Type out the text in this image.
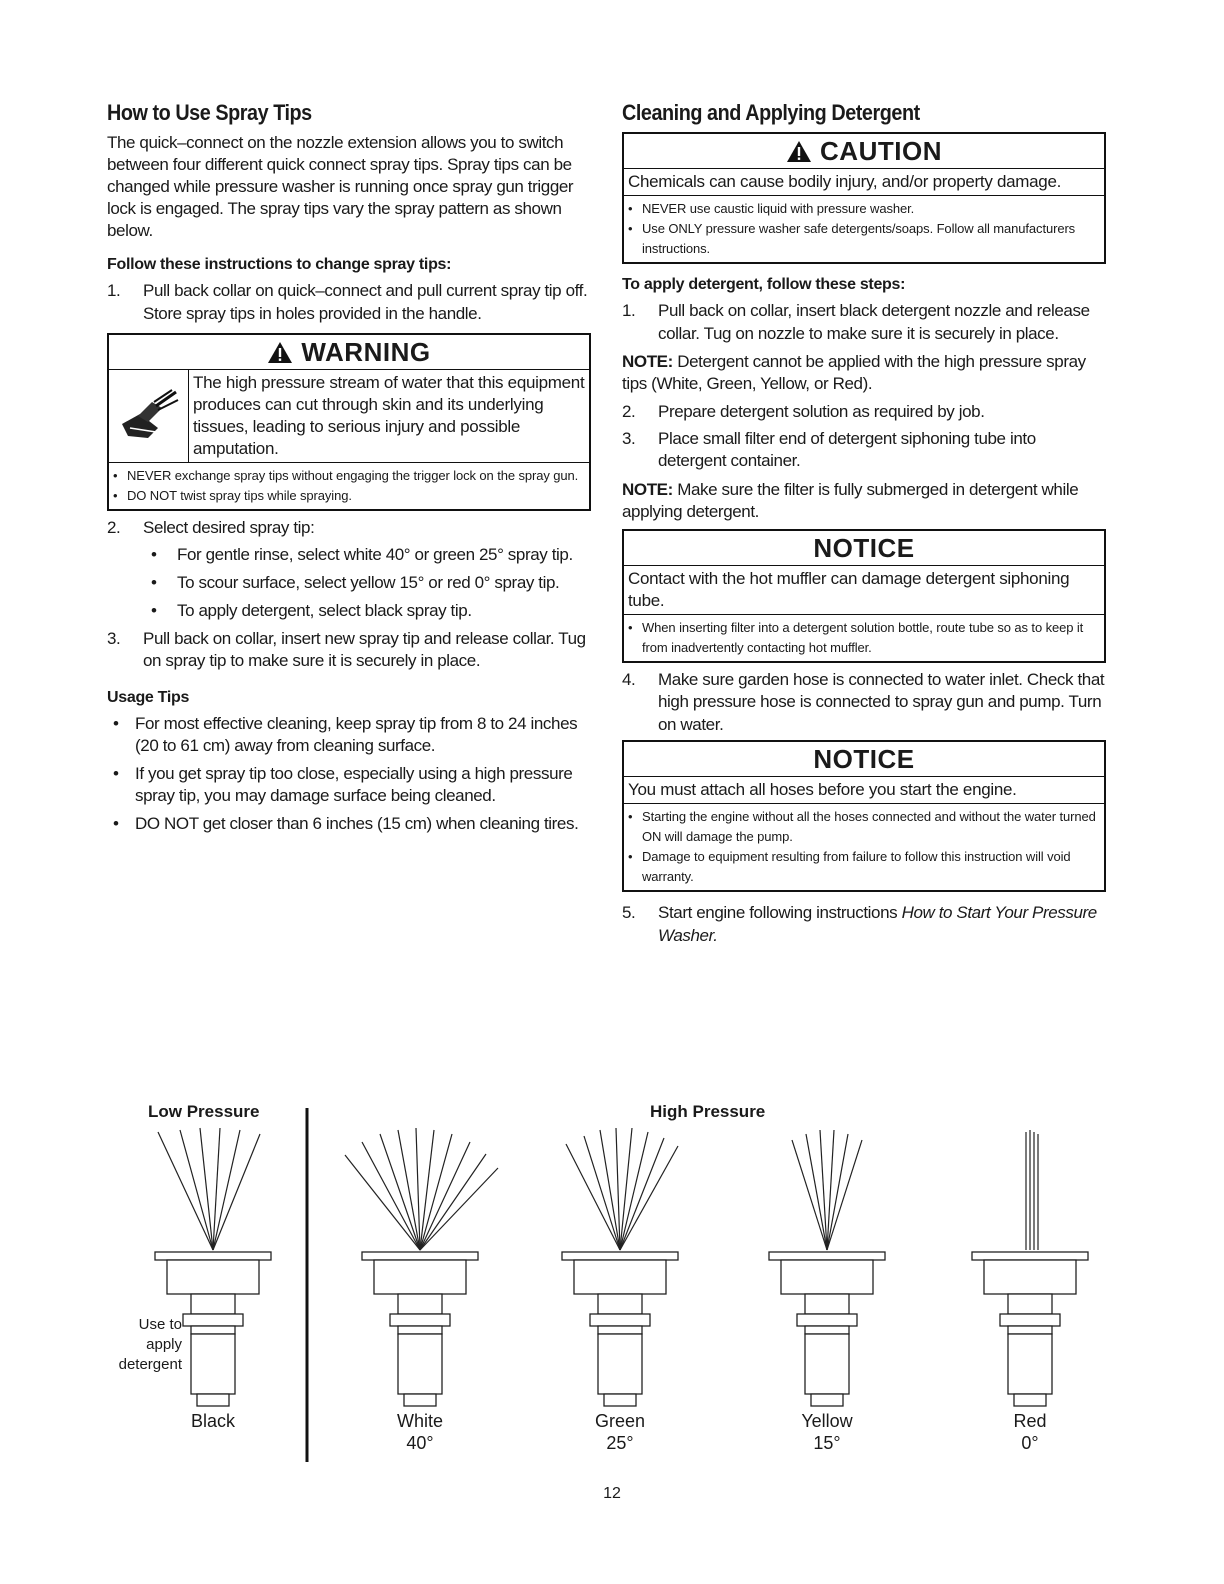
How to Use Spray Tips
The quick–connect on the nozzle extension allows you to switch between four different quick connect spray tips. Spray tips can be changed while pressure washer is running once spray gun trigger lock is engaged. The spray tips vary the spray pattern as shown below.
Follow these instructions to change spray tips:
1.	Pull back collar on quick–connect and pull current spray tip off. Store spray tips in holes provided in the handle.
WARNING
The high pressure stream of water that this equipment produces can cut through skin and its underlying tissues, leading to serious injury and possible amputation.
• NEVER exchange spray tips without engaging the trigger lock on the spray gun.
• DO NOT twist spray tips while spraying.
2.	Select desired spray tip:
•	For gentle rinse, select white 40° or green 25° spray tip.
•	To scour surface, select yellow 15° or red 0° spray tip.
•	To apply detergent, select black spray tip.
3.	Pull back on collar, insert new spray tip and release collar. Tug on spray tip to make sure it is securely in place.
Usage Tips
• For most effective cleaning, keep spray tip from 8 to 24 inches (20 to 61 cm) away from cleaning surface.
• If you get spray tip too close, especially using a high pressure spray tip, you may damage surface being cleaned.
• DO NOT get closer than 6 inches (15 cm) when cleaning tires.
Cleaning and Applying Detergent
CAUTION
Chemicals can cause bodily injury, and/or property damage.
• NEVER use caustic liquid with pressure washer.
• Use ONLY pressure washer safe detergents/soaps. Follow all manufacturers instructions.
To apply detergent, follow these steps:
1.	Pull back on collar, insert black detergent nozzle and release collar. Tug on nozzle to make sure it is securely in place.
NOTE: Detergent cannot be applied with the high pressure spray tips (White, Green, Yellow, or Red).
2.	Prepare detergent solution as required by job.
3.	Place small filter end of detergent siphoning tube into detergent container.
NOTE: Make sure the filter is fully submerged in detergent while applying detergent.
NOTICE
Contact with the hot muffler can damage detergent siphoning tube.
• When inserting filter into a detergent solution bottle, route tube so as to keep it from inadvertently contacting hot muffler.
4.	Make sure garden hose is connected to water inlet. Check that high pressure hose is connected to spray gun and pump. Turn on water.
NOTICE
You must attach all hoses before you start the engine.
• Starting the engine without all the hoses connected and without the water turned ON will damage the pump.
• Damage to equipment resulting from failure to follow this instruction will void warranty.
5.	Start engine following instructions How to Start Your Pressure Washer.
Low Pressure	High Pressure
Use to apply detergent
Black	White
40°
Green
25°
Yellow
15°
Red
0°
12
